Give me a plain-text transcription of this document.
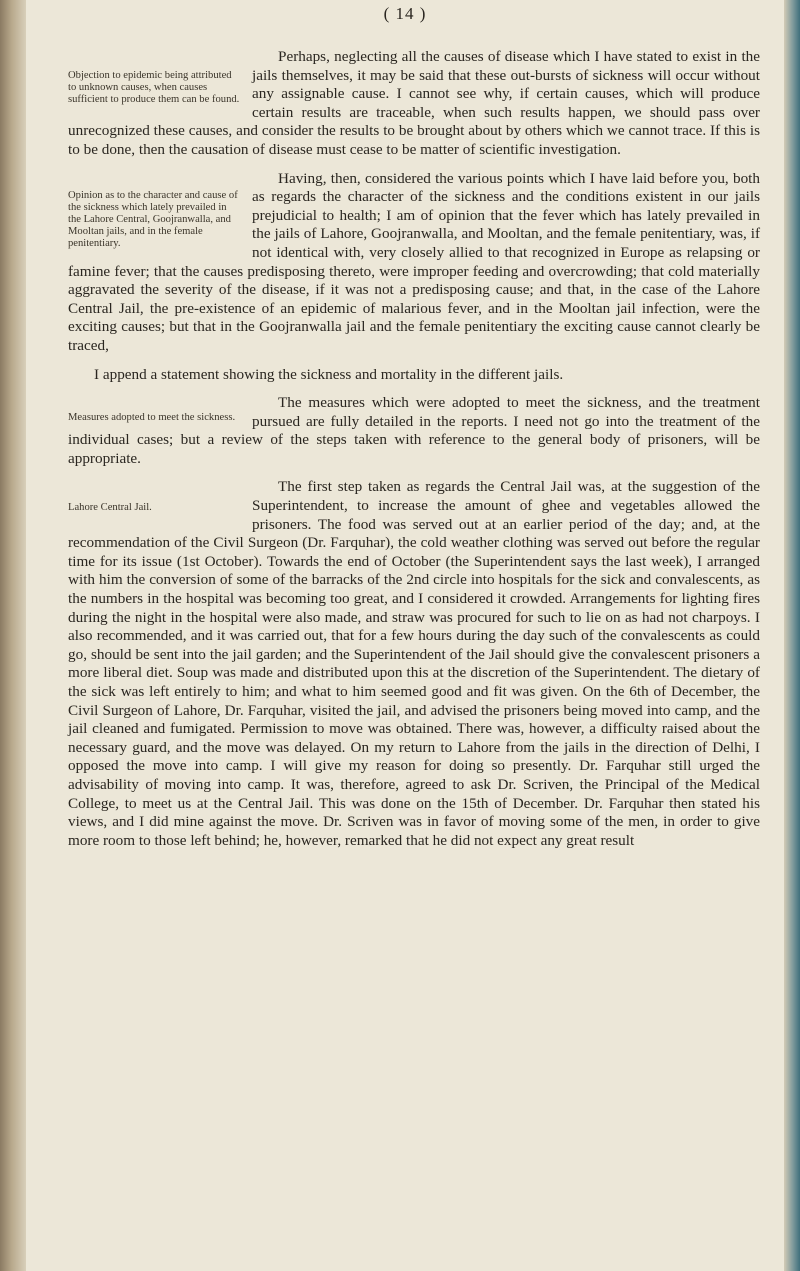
( 14 )

Objection to epidemic being attributed to unknown causes, when causes sufficient to produce them can be found.
Perhaps, neglecting all the causes of disease which I have stated to exist in the jails themselves, it may be said that these out-bursts of sickness will occur without any assignable cause. I cannot see why, if certain causes, which will produce certain results are traceable, when such results happen, we should pass over unrecognized these causes, and consider the results to be brought about by others which we cannot trace. If this is to be done, then the causation of disease must cease to be matter of scientific investigation.

Opinion as to the character and cause of the sickness which lately prevailed in the Lahore Central, Goojranwalla, and Mooltan jails, and in the female penitentiary.
Having, then, considered the various points which I have laid before you, both as regards the character of the sickness and the conditions existent in our jails prejudicial to health; I am of opinion that the fever which has lately prevailed in the jails of Lahore, Goojranwalla, and Mooltan, and the female penitentiary, was, if not identical with, very closely allied to that recognized in Europe as relapsing or famine fever; that the causes predisposing thereto, were improper feeding and overcrowding; that cold materially aggravated the severity of the disease, if it was not a predisposing cause; and that, in the case of the Lahore Central Jail, the pre-existence of an epidemic of malarious fever, and in the Mooltan jail infection, were the exciting causes; but that in the Goojranwalla jail and the female penitentiary the exciting cause cannot clearly be traced,

I append a statement showing the sickness and mortality in the different jails.

Measures adopted to meet the sickness.
The measures which were adopted to meet the sickness, and the treatment pursued are fully detailed in the reports. I need not go into the treatment of the individual cases; but a review of the steps taken with reference to the general body of prisoners, will be appropriate.

Lahore Central Jail.
The first step taken as regards the Central Jail was, at the suggestion of the Superintendent, to increase the amount of ghee and vegetables allowed the prisoners. The food was served out at an earlier period of the day; and, at the recommendation of the Civil Surgeon (Dr. Farquhar), the cold weather clothing was served out before the regular time for its issue (1st October). Towards the end of October (the Superintendent says the last week), I arranged with him the conversion of some of the barracks of the 2nd circle into hospitals for the sick and convalescents, as the numbers in the hospital was becoming too great, and I considered it crowded. Arrangements for lighting fires during the night in the hospital were also made, and straw was procured for such to lie on as had not charpoys. I also recommended, and it was carried out, that for a few hours during the day such of the convalescents as could go, should be sent into the jail garden; and the Superintendent of the Jail should give the convalescent prisoners a more liberal diet. Soup was made and distributed upon this at the discretion of the Superintendent. The dietary of the sick was left entirely to him; and what to him seemed good and fit was given. On the 6th of December, the Civil Surgeon of Lahore, Dr. Farquhar, visited the jail, and advised the prisoners being moved into camp, and the jail cleaned and fumigated. Permission to move was obtained. There was, however, a difficulty raised about the necessary guard, and the move was delayed. On my return to Lahore from the jails in the direction of Delhi, I opposed the move into camp. I will give my reason for doing so presently. Dr. Farquhar still urged the advisability of moving into camp. It was, therefore, agreed to ask Dr. Scriven, the Principal of the Medical College, to meet us at the Central Jail. This was done on the 15th of December. Dr. Farquhar then stated his views, and I did mine against the move. Dr. Scriven was in favor of moving some of the men, in order to give more room to those left behind; he, however, remarked that he did not expect any great result
